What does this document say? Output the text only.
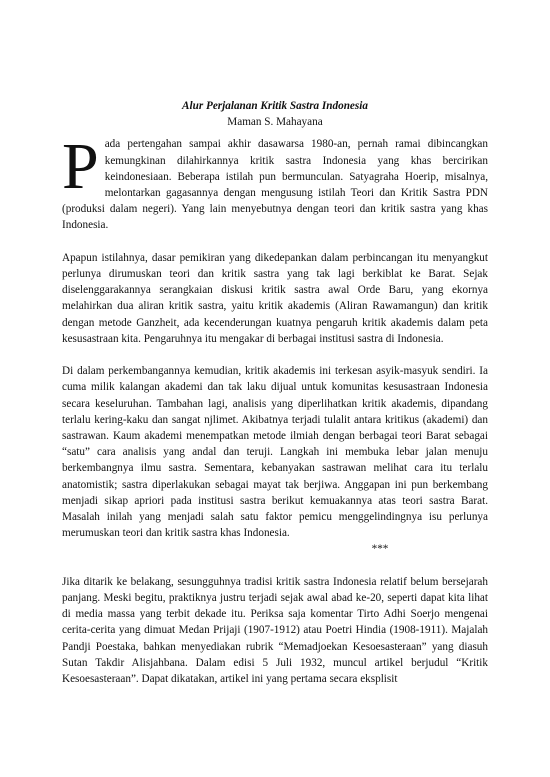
Alur Perjalanan Kritik Sastra Indonesia

Maman S. Mahayana

Pada pertengahan sampai akhir dasawarsa 1980-an, pernah ramai dibincangkan kemungkinan dilahirkannya kritik sastra Indonesia yang khas bercirikan keindonesiaan. Beberapa istilah pun bermunculan. Satyagraha Hoerip, misalnya, melontarkan gagasannya dengan mengusung istilah Teori dan Kritik Sastra PDN (produksi dalam negeri). Yang lain menyebutnya dengan teori dan kritik sastra yang khas Indonesia.

Apapun istilahnya, dasar pemikiran yang dikedepankan dalam perbincangan itu menyangkut perlunya dirumuskan teori dan kritik sastra yang tak lagi berkiblat ke Barat. Sejak diselenggarakannya serangkaian diskusi kritik sastra awal Orde Baru, yang ekornya melahirkan dua aliran kritik sastra, yaitu kritik akademis (Aliran Rawamangun) dan kritik dengan metode Ganzheit, ada kecenderungan kuatnya pengaruh kritik akademis dalam peta kesusastraan kita. Pengaruhnya itu mengakar di berbagai institusi sastra di Indonesia.

Di dalam perkembangannya kemudian, kritik akademis ini terkesan asyik-masyuk sendiri. Ia cuma milik kalangan akademi dan tak laku dijual untuk komunitas kesusastraan Indonesia secara keseluruhan. Tambahan lagi, analisis yang diperlihatkan kritik akademis, dipandang terlalu kering-kaku dan sangat njlimet. Akibatnya terjadi tulalit antara kritikus (akademi) dan sastrawan. Kaum akademi menempatkan metode ilmiah dengan berbagai teori Barat sebagai “satu” cara analisis yang andal dan teruji. Langkah ini membuka lebar jalan menuju berkembangnya ilmu sastra. Sementara, kebanyakan sastrawan melihat cara itu terlalu anatomistik; sastra diperlakukan sebagai mayat tak berjiwa. Anggapan ini pun berkembang menjadi sikap apriori pada institusi sastra berikut kemuakannya atas teori sastra Barat. Masalah inilah yang menjadi salah satu faktor pemicu menggelindingnya isu perlunya merumuskan teori dan kritik sastra khas Indonesia.

***

Jika ditarik ke belakang, sesungguhnya tradisi kritik sastra Indonesia relatif belum bersejarah panjang. Meski begitu, praktiknya justru terjadi sejak awal abad ke-20, seperti dapat kita lihat di media massa yang terbit dekade itu. Periksa saja komentar Tirto Adhi Soerjo mengenai cerita-cerita yang dimuat Medan Prijaji (1907-1912) atau Poetri Hindia (1908-1911). Majalah Pandji Poestaka, bahkan menyediakan rubrik “Memadjoekan Kesoesasteraan” yang diasuh Sutan Takdir Alisjahbana. Dalam edisi 5 Juli 1932, muncul artikel berjudul “Kritik Kesoesasteraan”. Dapat dikatakan, artikel ini yang pertama secara eksplisit
